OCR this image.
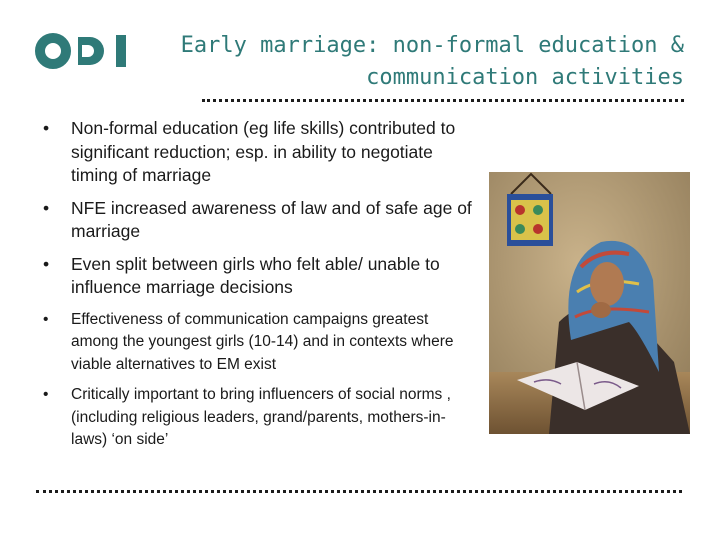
Early marriage: non-formal education &
communication activities
• Non-formal education (eg life skills) contributed to significant reduction; esp. in ability to negotiate timing of marriage
• NFE increased awareness of law and of safe age of marriage
• Even split between girls who felt able/ unable to influence marriage decisions
• Effectiveness of communication campaigns greatest among the youngest girls (10-14) and in contexts where viable alternatives to EM exist
• Critically important to bring influencers of social norms , (including religious leaders, grand/parents, mothers-in-laws) ‘on side’
